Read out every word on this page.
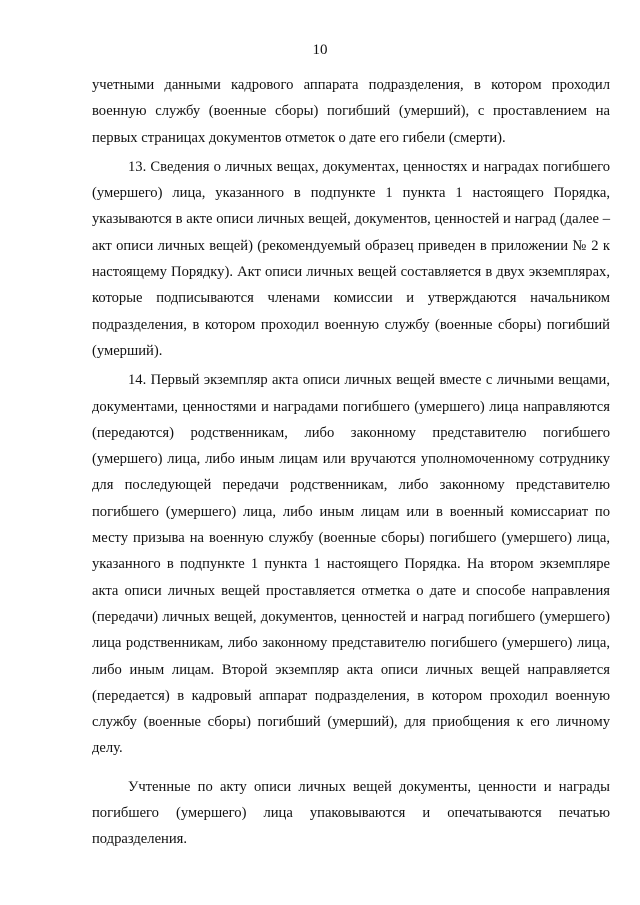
10

учетными данными кадрового аппарата подразделения, в котором проходил военную службу (военные сборы) погибший (умерший), с проставлением на первых страницах документов отметок о дате его гибели (смерти).

13. Сведения о личных вещах, документах, ценностях и наградах погибшего (умершего) лица, указанного в подпункте 1 пункта 1 настоящего Порядка, указываются в акте описи личных вещей, документов, ценностей и наград (далее – акт описи личных вещей) (рекомендуемый образец приведен в приложении № 2 к настоящему Порядку). Акт описи личных вещей составляется в двух экземплярах, которые подписываются членами комиссии и утверждаются начальником подразделения, в котором проходил военную службу (военные сборы) погибший (умерший).

14. Первый экземпляр акта описи личных вещей вместе с личными вещами, документами, ценностями и наградами погибшего (умершего) лица направляются (передаются) родственникам, либо законному представителю погибшего (умершего) лица, либо иным лицам или вручаются уполномоченному сотруднику для последующей передачи родственникам, либо законному представителю погибшего (умершего) лица, либо иным лицам или в военный комиссариат по месту призыва на военную службу (военные сборы) погибшего (умершего) лица, указанного в подпункте 1 пункта 1 настоящего Порядка. На втором экземпляре акта описи личных вещей проставляется отметка о дате и способе направления (передачи) личных вещей, документов, ценностей и наград погибшего (умершего) лица родственникам, либо законному представителю погибшего (умершего) лица, либо иным лицам. Второй экземпляр акта описи личных вещей направляется (передается) в кадровый аппарат подразделения, в котором проходил военную службу (военные сборы) погибший (умерший), для приобщения к его личному делу.

Учтенные по акту описи личных вещей документы, ценности и награды погибшего (умершего) лица упаковываются и опечатываются печатью подразделения.
